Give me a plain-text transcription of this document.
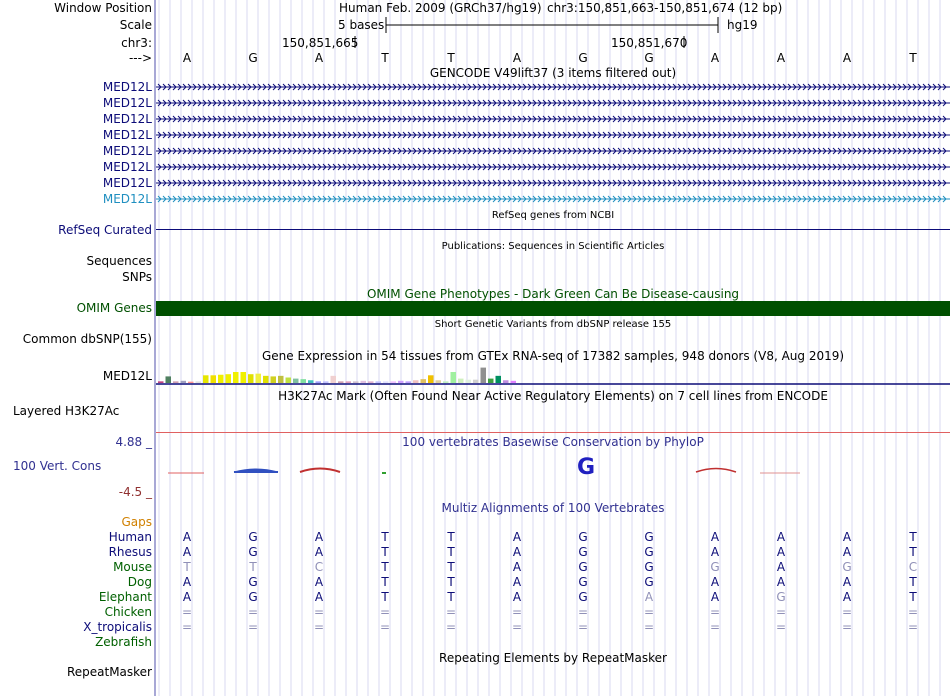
Window Position
Scale
chr3:
--->
Human Feb. 2009 (GRCh37/hg19) chr3:150,851,663-150,851,674 (12 bp)
5 bases	hg19
150,851,665	150,851,670
A	G	A	T	T	A	G	G	A	A	A	T
GENCODE V49lift37 (3 items filtered out)
MED12L
MED12L
MED12L
MED12L
MED12L
MED12L
MED12L
MED12L
RefSeq genes from NCBI
RefSeq Curated
Publications: Sequences in Scientific Articles
Sequences
SNPs
OMIM Gene Phenotypes - Dark Green Can Be Disease-causing
OMIM Genes
Short Genetic Variants from dbSNP release 155
Common dbSNP(155)
Gene Expression in 54 tissues from GTEx RNA-seq of 17382 samples, 948 donors (V8, Aug 2019)
MED12L
H3K27Ac Mark (Often Found Near Active Regulatory Elements) on 7 cell lines from ENCODE
Layered H3K27Ac
100 vertebrates Basewise Conservation by PhyloP
4.88 _
100 Vert. Cons
-4.5 _
G
Multiz Alignments of 100 Vertebrates
Gaps
Human	A	G	A	T	T	A	G	G	A	A	A	T
Rhesus	A	G	A	T	T	A	G	G	A	A	A	T
Mouse	T	T	C	T	T	A	G	G	G	A	G	C
Dog	A	G	A	T	T	A	G	G	A	A	A	T
Elephant	A	G	A	T	T	A	G	A	A	G	A	T
Chicken	=	=	=	=	=	=	=	=	=	=	=	=
X_tropicalis	=	=	=	=	=	=	=	=	=	=	=	=
Zebrafish
Repeating Elements by RepeatMasker
RepeatMasker
